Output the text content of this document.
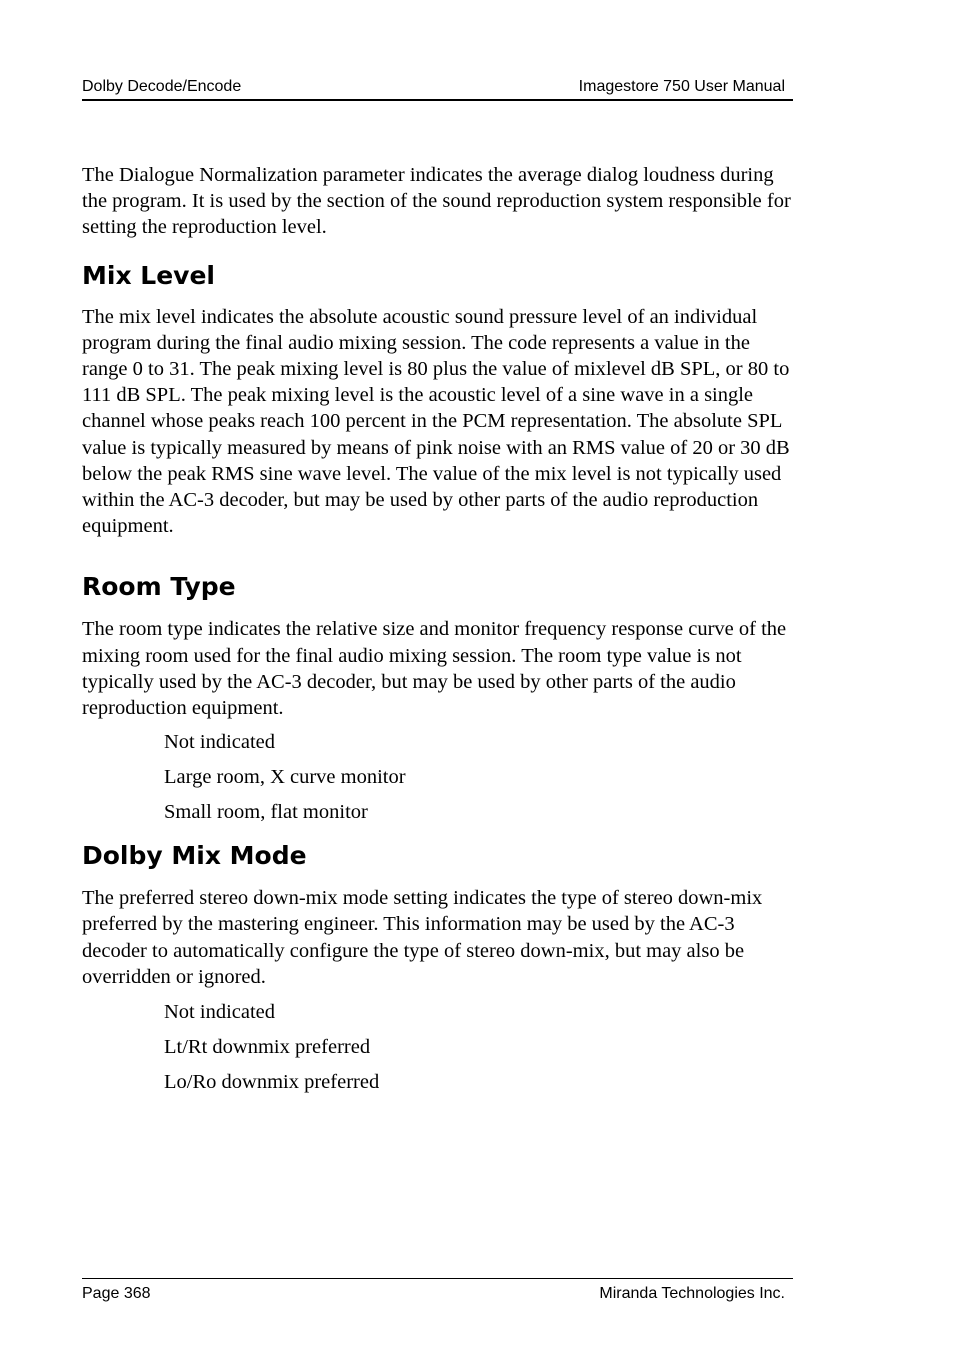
Dolby Decode/Encode	Imagestore 750 User Manual

The Dialogue Normalization parameter indicates the average dialog loudness during the program. It is used by the section of the sound reproduction system responsible for setting the reproduction level.

Mix Level

The mix level indicates the absolute acoustic sound pressure level of an individual program during the final audio mixing session. The code represents a value in the range 0 to 31. The peak mixing level is 80 plus the value of mixlevel dB SPL, or 80 to 111 dB SPL. The peak mixing level is the acoustic level of a sine wave in a single channel whose peaks reach 100 percent in the PCM representation. The absolute SPL value is typically measured by means of pink noise with an RMS value of 20 or 30 dB below the peak RMS sine wave level. The value of the mix level is not typically used within the AC-3 decoder, but may be used by other parts of the audio reproduction equipment.

Room Type

The room type indicates the relative size and monitor frequency response curve of the mixing room used for the final audio mixing session. The room type value is not typically used by the AC-3 decoder, but may be used by other parts of the audio reproduction equipment.

Not indicated
Large room, X curve monitor
Small room, flat monitor
Dolby Mix Mode

The preferred stereo down-mix mode setting indicates the type of stereo down-mix preferred by the mastering engineer. This information may be used by the AC-3 decoder to automatically configure the type of stereo down-mix, but may also be overridden or ignored.

Not indicated
Lt/Rt downmix preferred
Lo/Ro downmix preferred
Page 368	Miranda Technologies Inc.
